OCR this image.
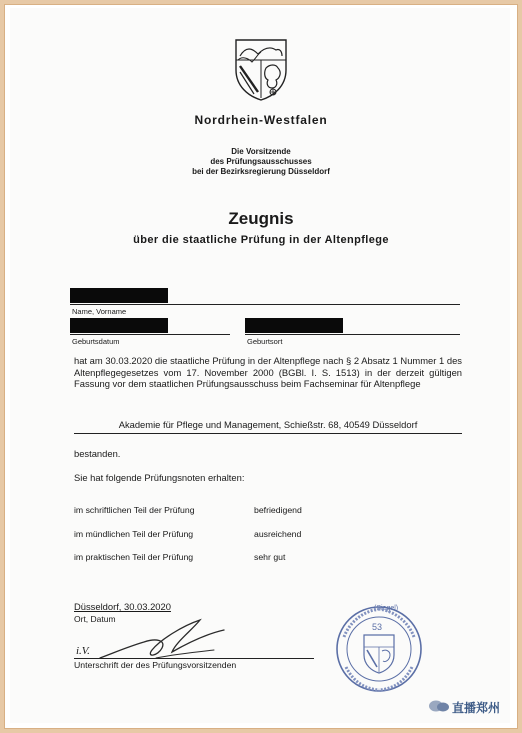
Nordrhein-Westfalen
Die Vorsitzende
des Prüfungsausschusses
bei der Bezirksregierung Düsseldorf
Zeugnis
über die staatliche Prüfung in der Altenpflege
Name, Vorname
Geburtsdatum	Geburtsort
hat am 30.03.2020 die staatliche Prüfung in der Altenpflege nach § 2 Absatz 1 Nummer 1 des Altenpflegegesetzes vom 17. November 2000 (BGBl. I. S. 1513) in der derzeit gültigen Fassung vor dem staatlichen Prüfungsausschuss beim Fachseminar für Altenpflege
Akademie für Pflege und Management, Schießstr. 68, 40549 Düsseldorf
bestanden.
Sie hat folgende Prüfungsnoten erhalten:
im schriftlichen Teil der Prüfung	befriedigend
im mündlichen Teil der Prüfung	ausreichend
im praktischen Teil der Prüfung	sehr gut
Düsseldorf, 30.03.2020
Ort, Datum
i.V.
Unterschrift der des Prüfungsvorsitzenden
(Siegel)
53
直播郑州
